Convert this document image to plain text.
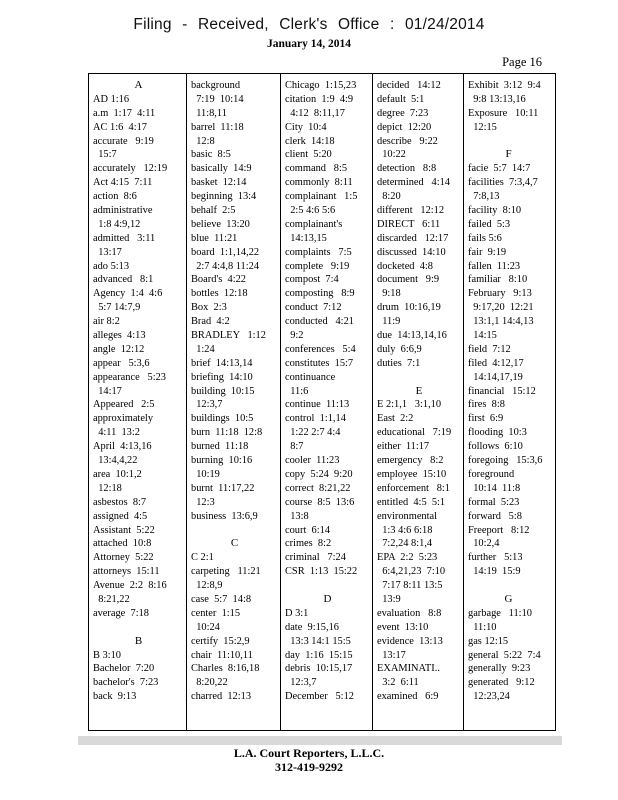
Filing - Received, Clerk's Office : 01/24/2014
January 14, 2014
Page 16
A
AD 1:16
a.m  1:17  4:11
AC 1:6  4:17
accurate   9:19
15:7
accurately   12:19
Act 4:15  7:11
action  8:6
administrative
1:8 4:9,12
admitted   3:11
13:17
ado 5:13
advanced   8:1
Agency  1:4  4:6
5:7 14:7,9
air 8:2
alleges  4:13
angle  12:12
appear   5:3,6
appearance   5:23
14:17
Appeared   2:5
approximately
4:11  13:2
April  4:13,16
13:4,4,22
area  10:1,2
12:18
asbestos  8:7
assigned  4:5
Assistant  5:22
attached  10:8
Attorney  5:22
attorneys  15:11
Avenue  2:2  8:16
8:21,22
average  7:18
B
B 3:10
Bachelor  7:20
bachelor's  7:23
back  9:13
background
7:19  10:14
11:8,11
barrel  11:18
12:8
basic  8:5
basically  14:9
basket  12:14
beginning  13:4
behalf  2:5
believe  13:20
blue  11:21
board  1:1,14,22
2:7 4:4,8 11:24
Board's  4:22
bottles  12:18
Box  2:3
Brad  4:2
BRADLEY   1:12
1:24
brief  14:13,14
briefing  14:10
building  10:15
12:3,7
buildings  10:5
burn  11:18  12:8
burned  11:18
burning  10:16
10:19
burnt  11:17,22
12:3
business  13:6,9
C
C 2:1
carpeting   11:21
12:8,9
case  5:7  14:8
center  1:15
10:24
certify  15:2,9
chair  11:10,11
Charles  8:16,18
8:20,22
charred  12:13
Chicago  1:15,23
citation  1:9  4:9
4:12  8:11,17
City  10:4
clerk  14:18
client  5:20
command   8:5
commonly  8:11
complainant   1:5
2:5 4:6 5:6
complainant's
14:13,15
complaints   7:5
complete   9:19
compost  7:4
composting   8:9
conduct  7:12
conducted   4:21
9:2
conferences   5:4
constitutes  15:7
continuance
11:6
continue  11:13
control  1:1,14
1:22 2:7 4:4
8:7
cooler  11:23
copy  5:24  9:20
correct  8:21,22
course  8:5  13:6
13:8
court  6:14
crimes  8:2
criminal   7:24
CSR  1:13  15:22
D
D 3:1
date  9:15,16
13:3 14:1 15:5
day  1:16  15:15
debris  10:15,17
12:3,7
December   5:12
decided   14:12
default  5:1
degree  7:23
depict  12:20
describe   9:22
10:22
detection   8:8
determined   4:14
8:20
different   12:12
DIRECT   6:11
discarded   12:17
discussed  14:10
docketed  4:8
document   9:9
9:18
drum  10:16,19
11:9
due  14:13,14,16
duly  6:6,9
duties  7:1
E
E 2:1,1   3:1,10
East  2:2
educational   7:19
either  11:17
emergency   8:2
employee  15:10
enforcement   8:1
entitled  4:5  5:1
environmental
1:3 4:6 6:18
7:2,24 8:1,4
EPA  2:2  5:23
6:4,21,23  7:10
7:17 8:11 13:5
13:9
evaluation   8:8
event  13:10
evidence  13:13
13:17
EXAMINATI..
3:2  6:11
examined   6:9
Exhibit  3:12  9:4
9:8 13:13,16
Exposure   10:11
12:15
F
facie  5:7  14:7
facilities  7:3,4,7
7:8,13
facility  8:10
failed  5:3
fails 5:6
fair  9:19
fallen  11:23
familiar   8:10
February   9:13
9:17,20  12:21
13:1,1 14:4,13
14:15
field  7:12
filed  4:12,17
14:14,17,19
financial   15:12
fires  8:8
first  6:9
flooding  10:3
follows  6:10
foregoing   15:3,6
foreground
10:14  11:8
formal  5:23
forward   5:8
Freeport   8:12
10:2,4
further   5:13
14:19  15:9
G
garbage   11:10
11:10
gas 12:15
general  5:22  7:4
generally  9:23
generated   9:12
12:23,24
L.A. Court Reporters, L.L.C.
312-419-9292
